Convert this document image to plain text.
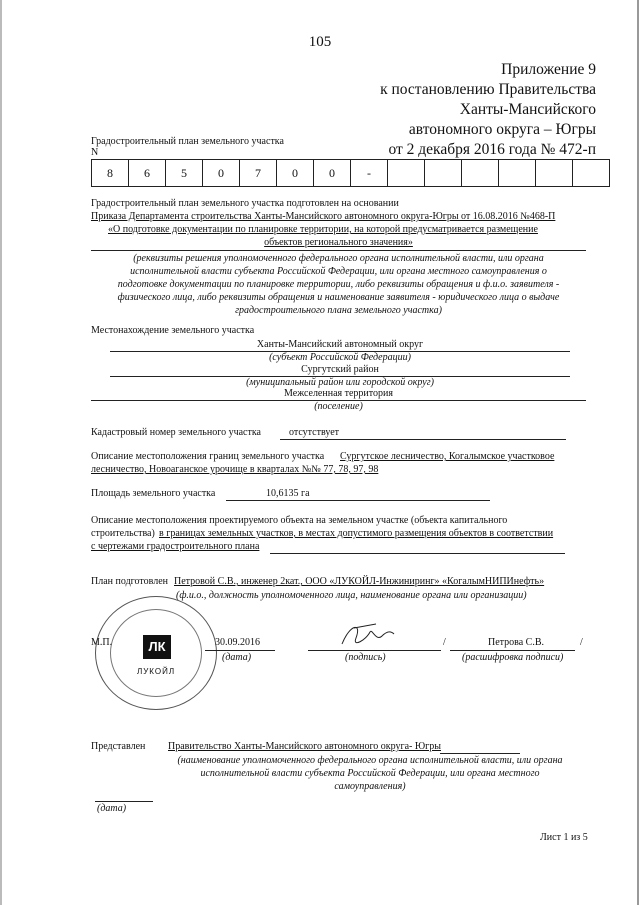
105
Приложение 9
к постановлению Правительства
Ханты-Мансийского
автономного округа – Югры
от 2 декабря 2016 года № 472-п
Градостроительный план земельного участка
N
8	6	5	0	7	0	0	-						
Градостроительный план земельного участка подготовлен на основании
Приказа Департамента строительства Ханты-Мансийского автономного округа-Югры от 16.08.2016 №468-П
«О подготовке документации по планировке территории, на которой предусматривается размещение
объектов регионального значения»
(реквизиты решения уполномоченного федерального органа исполнительной власти, или органа
исполнительной власти субъекта Российской Федерации, или органа местного самоуправления о
подготовке документации по планировке территории, либо реквизиты обращения и ф.и.о. заявителя -
физического лица, либо реквизиты обращения и наименование заявителя - юридического лица о выдаче
градостроительного плана земельного участка)
Местонахождение земельного участка
Ханты-Мансийский автономный округ
(субъект Российской Федерации)
Сургутский район
(муниципальный район или городской округ)
Межселенная территория
(поселение)
Кадастровый номер земельного участка	отсутствует
Описание местоположения границ земельного участка Сургутское лесничество, Когалымское участковое
лесничество, Новоаганское урочище в кварталах №№ 77, 78, 97, 98
Площадь земельного участка	10,6135 га
Описание местоположения проектируемого объекта на земельном участке (объекта капитального
строительства) в границах земельных участков, в местах допустимого размещения объектов в соответствии
с чертежами градостроительного плана
План подготовлен Петровой С.В., инженер 2кат., ООО «ЛУКОЙЛ-Инжиниринг» «КогалымНИПИнефть»
(ф.и.о., должность уполномоченного лица, наименование органа или организации)
ЛК
ЛУКОЙЛ
М.П.	30.09.2016
(дата)	(подпись)
/	Петрова С.В.	/
(расшифровка подписи)
Представлен Правительство Ханты-Мансийского автономного округа- Югры
(наименование уполномоченного федерального органа исполнительной власти, или органа
исполнительной власти субъекта Российской Федерации, или органа местного
самоуправления)
(дата)
Лист 1 из 5
